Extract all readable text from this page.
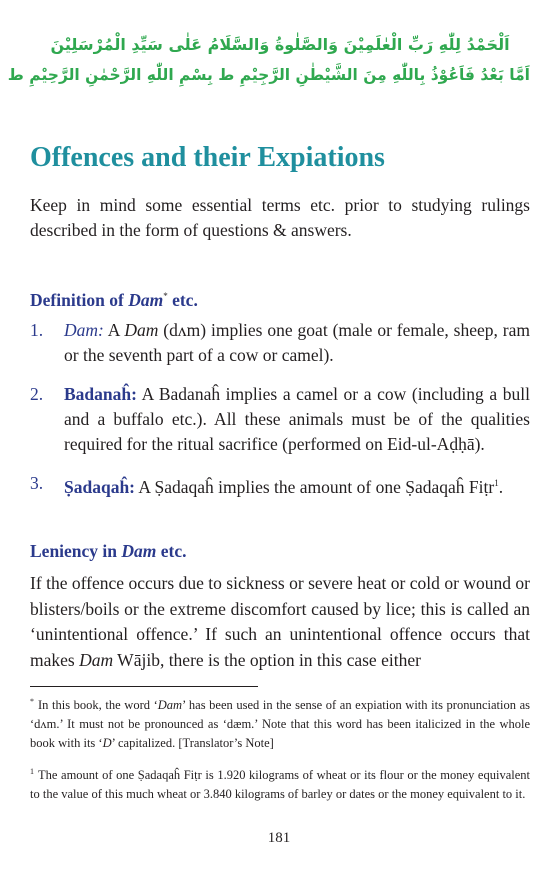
اَلْحَمْدُ لِلّٰهِ رَبِّ الْعٰلَمِيْنَ وَالصَّلٰوةُ وَالسَّلَامُ عَلٰى سَيِّدِ الْمُرْسَلِيْنَ
اَمَّا بَعْدُ فَاَعُوْذُ بِاللّٰهِ مِنَ الشَّيْطٰنِ الرَّجِيْمِ ط بِسْمِ اللّٰهِ الرَّحْمٰنِ الرَّحِيْمِ ط
Offences and their Expiations

Keep in mind some essential terms etc. prior to studying rulings described in the form of questions & answers.

Definition of Dam* etc.
1. Dam: A Dam (dʌm) implies one goat (male or female, sheep, ram or the seventh part of a cow or camel).
2. Badanaĥ: A Badanaĥ implies a camel or a cow (including a bull and a buffalo etc.). All these animals must be of the qualities required for the ritual sacrifice (performed on Eid-ul-Aḍḥā).
3. Ṣadaqaĥ: A Ṣadaqaĥ implies the amount of one Ṣadaqaĥ Fiṭr$^1$.
Leniency in Dam etc.

If the offence occurs due to sickness or severe heat or cold or wound or blisters/boils or the extreme discomfort caused by lice; this is called an ‘unintentional offence.’ If such an unintentional offence occurs that makes Dam Wājib, there is the option in this case either

* In this book, the word ‘Dam’ has been used in the sense of an expiation with its pronunciation as ‘dʌm.’ It must not be pronounced as ‘dæm.’ Note that this word has been italicized in the whole book with its ‘D’ capitalized. [Translator’s Note]

$^1$ The amount of one Ṣadaqaĥ Fiṭr is 1.920 kilograms of wheat or its flour or the money equivalent to the value of this much wheat or 3.840 kilograms of barley or dates or the money equivalent to it.

181
